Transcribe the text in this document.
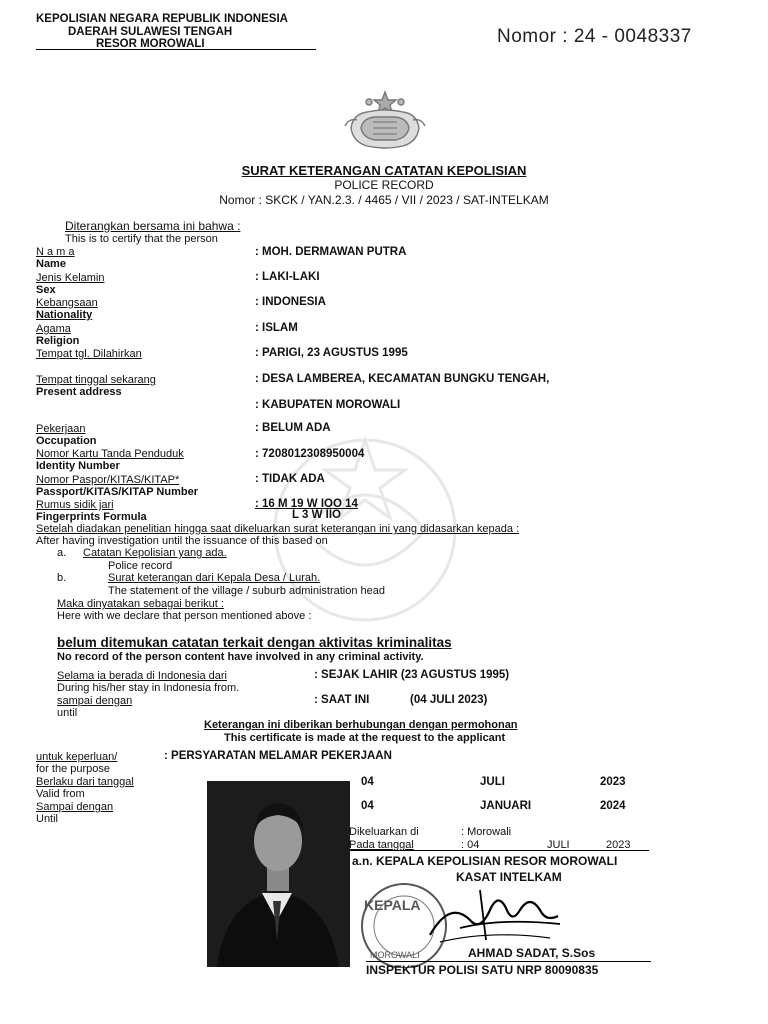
KEPOLISIAN NEGARA REPUBLIK INDONESIA
DAERAH SULAWESI TENGAH
RESOR MOROWALI	Nomor : 24 - 0048337
SURAT KETERANGAN CATATAN KEPOLISIAN
POLICE RECORD
Nomor : SKCK / YAN.2.3. / 4465 / VII / 2023 / SAT-INTELKAM
Diterangkan bersama ini bahwa :
This is to certify that the person
N a m a
Name
: MOH. DERMAWAN PUTRA
Jenis Kelamin
Sex
: LAKI-LAKI
Kebangsaan
Nationality
: INDONESIA
Agama
Religion
: ISLAM
Tempat tgl. Dilahirkan	: PARIGI, 23 AGUSTUS 1995
Tempat tinggal sekarang
Present address
: DESA LAMBEREA, KECAMATAN BUNGKU TENGAH,
: KABUPATEN MOROWALI
Pekerjaan
Occupation
: BELUM ADA
Nomor Kartu Tanda Penduduk
Identity Number
: 7208012308950004
Nomor Paspor/KITAS/KITAP*
Passport/KITAS/KITAP Number
: TIDAK ADA
Rumus sidik jari
Fingerprints Formula
: 16 M 19 W IOO 14
L 3 W IIO
Setelah diadakan penelitian hingga saat dikeluarkan surat keterangan ini yang didasarkan kepada :
After having investigation until the issuance of this based on
a. Catatan Kepolisian yang ada.
Police record
b.	Surat keterangan dari Kepala Desa / Lurah.
The statement of the village / suburb administration head
Maka dinyatakan sebagai berikut :
Here with we declare that person mentioned above :
belum ditemukan catatan terkait dengan aktivitas kriminalitas
No record of the person content have involved in any criminal activity.
Selama ia berada di Indonesia dari
During his/her stay in Indonesia from.
: SEJAK LAHIR (23 AGUSTUS 1995)
sampai dengan
until
: SAAT INI	(04 JULI 2023)
Keterangan ini diberikan berhubungan dengan permohonan
This certificate is made at the request to the applicant
untuk keperluan/
for the purpose
: PERSYARATAN MELAMAR PEKERJAAN
Berlaku dari tanggal
Valid from
04	JULI	2023
Sampai dengan
Until
04	JANUARI	2024
Dikeluarkan di	: Morowali
Pada tanggal	: 04	JULI	2023
a.n. KEPALA KEPOLISIAN RESOR MOROWALI
KASAT INTELKAM
KEPALA
MOROWALI	AHMAD SADAT, S.Sos
INSPEKTUR POLISI SATU NRP 80090835
